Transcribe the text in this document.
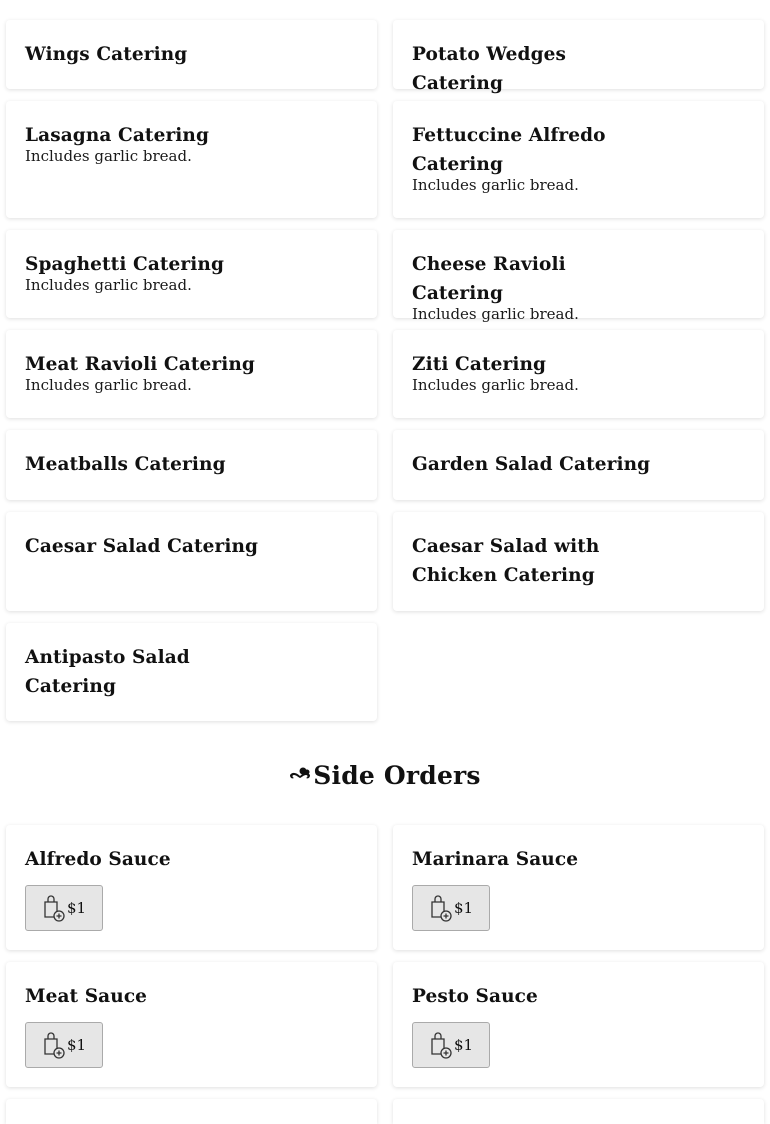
Wings Catering	Potato Wedges Catering
Lasagna Catering
Includes garlic bread.
Fettuccine Alfredo Catering
Includes garlic bread.
Spaghetti Catering
Includes garlic bread.
Cheese Ravioli Catering
Includes garlic bread.
Meat Ravioli Catering
Includes garlic bread.
Ziti Catering
Includes garlic bread.
Meatballs Catering	Garden Salad Catering
Caesar Salad Catering	Caesar Salad with Chicken Catering
Antipasto Salad Catering
Side Orders
Alfredo Sauce
$1
Marinara Sauce
$1
Meat Sauce
$1
Pesto Sauce
$1
